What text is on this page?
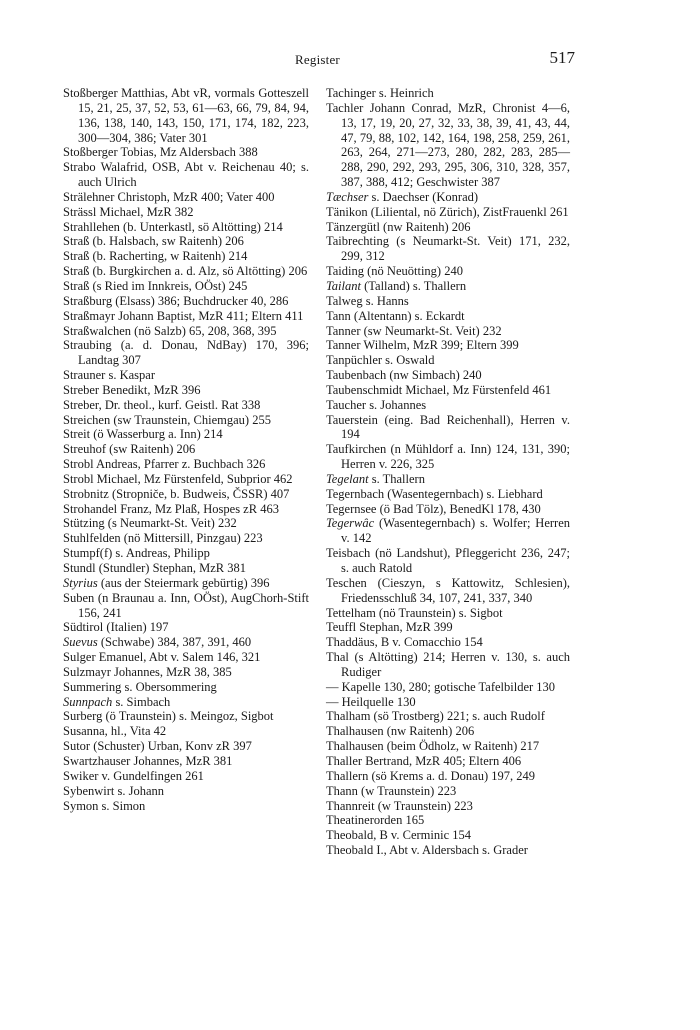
Register	517
Stoßberger Matthias, Abt vR, vormals Gotteszell 15, 21, 25, 37, 52, 53, 61—63, 66, 79, 84, 94, 136, 138, 140, 143, 150, 171, 174, 182, 223, 300—304, 386; Vater 301
Stoßberger Tobias, Mz Aldersbach 388
Strabo Walafrid, OSB, Abt v. Reichenau 40; s. auch Ulrich
Strälehner Christoph, MzR 400; Vater 400
Strässl Michael, MzR 382
Strahllehen (b. Unterkastl, sö Altötting) 214
Straß (b. Halsbach, sw Raitenh) 206
Straß (b. Racherting, w Raitenh) 214
Straß (b. Burgkirchen a. d. Alz, sö Altötting) 206
Straß (s Ried im Innkreis, OÖst) 245
Straßburg (Elsass) 386; Buchdrucker 40, 286
Straßmayr Johann Baptist, MzR 411; Eltern 411
Straßwalchen (nö Salzb) 65, 208, 368, 395
Straubing (a. d. Donau, NdBay) 170, 396; Landtag 307
Strauner s. Kaspar
Streber Benedikt, MzR 396
Streber, Dr. theol., kurf. Geistl. Rat 338
Streichen (sw Traunstein, Chiemgau) 255
Streit (ö Wasserburg a. Inn) 214
Streuhof (sw Raitenh) 206
Strobl Andreas, Pfarrer z. Buchbach 326
Strobl Michael, Mz Fürstenfeld, Subprior 462
Strobnitz (Stropniče, b. Budweis, ČSSR) 407
Strohandel Franz, Mz Plaß, Hospes zR 463
Stützing (s Neumarkt-St. Veit) 232
Stuhlfelden (nö Mittersill, Pinzgau) 223
Stumpf(f) s. Andreas, Philipp
Stundl (Stundler) Stephan, MzR 381
Styrius (aus der Steiermark gebürtig) 396
Suben (n Braunau a. Inn, OÖst), AugChorh-Stift 156, 241
Südtirol (Italien) 197
Suevus (Schwabe) 384, 387, 391, 460
Sulger Emanuel, Abt v. Salem 146, 321
Sulzmayr Johannes, MzR 38, 385
Summering s. Obersommering
Sunnpach s. Simbach
Surberg (ö Traunstein) s. Meingoz, Sigbot
Susanna, hl., Vita 42
Sutor (Schuster) Urban, Konv zR 397
Swartzhauser Johannes, MzR 381
Swiker v. Gundelfingen 261
Sybenwirt s. Johann
Symon s. Simon
Tachinger s. Heinrich
Tachler Johann Conrad, MzR, Chronist 4—6, 13, 17, 19, 20, 27, 32, 33, 38, 39, 41, 43, 44, 47, 79, 88, 102, 142, 164, 198, 258, 259, 261, 263, 264, 271—273, 280, 282, 283, 285—288, 290, 292, 293, 295, 306, 310, 328, 357, 387, 388, 412; Geschwister 387
Tæchser s. Daechser (Konrad)
Tänikon (Liliental, nö Zürich), ZistFrauenkl 261
Tänzergütl (nw Raitenh) 206
Taibrechting (s Neumarkt-St. Veit) 171, 232, 299, 312
Taiding (nö Neuötting) 240
Tailant (Talland) s. Thallern
Talweg s. Hanns
Tann (Altentann) s. Eckardt
Tanner (sw Neumarkt-St. Veit) 232
Tanner Wilhelm, MzR 399; Eltern 399
Tanpüchler s. Oswald
Taubenbach (nw Simbach) 240
Taubenschmidt Michael, Mz Fürstenfeld 461
Taucher s. Johannes
Tauerstein (eing. Bad Reichenhall), Herren v. 194
Taufkirchen (n Mühldorf a. Inn) 124, 131, 390; Herren v. 226, 325
Tegelant s. Thallern
Tegernbach (Wasentegernbach) s. Liebhard
Tegernsee (ö Bad Tölz), BenedKl 178, 430
Tegerwâc (Wasentegernbach) s. Wolfer; Herren v. 142
Teisbach (nö Landshut), Pfleggericht 236, 247; s. auch Ratold
Teschen (Cieszyn, s Kattowitz, Schlesien), Friedensschluß 34, 107, 241, 337, 340
Tettelham (nö Traunstein) s. Sigbot
Teuffl Stephan, MzR 399
Thaddäus, B v. Comacchio 154
Thal (s Altötting) 214; Herren v. 130, s. auch Rudiger
— Kapelle 130, 280; gotische Tafelbilder 130
— Heilquelle 130
Thalham (sö Trostberg) 221; s. auch Rudolf
Thalhausen (nw Raitenh) 206
Thalhausen (beim Ödholz, w Raitenh) 217
Thaller Bertrand, MzR 405; Eltern 406
Thallern (sö Krems a. d. Donau) 197, 249
Thann (w Traunstein) 223
Thannreit (w Traunstein) 223
Theatinerorden 165
Theobald, B v. Cerminic 154
Theobald I., Abt v. Aldersbach s. Grader
